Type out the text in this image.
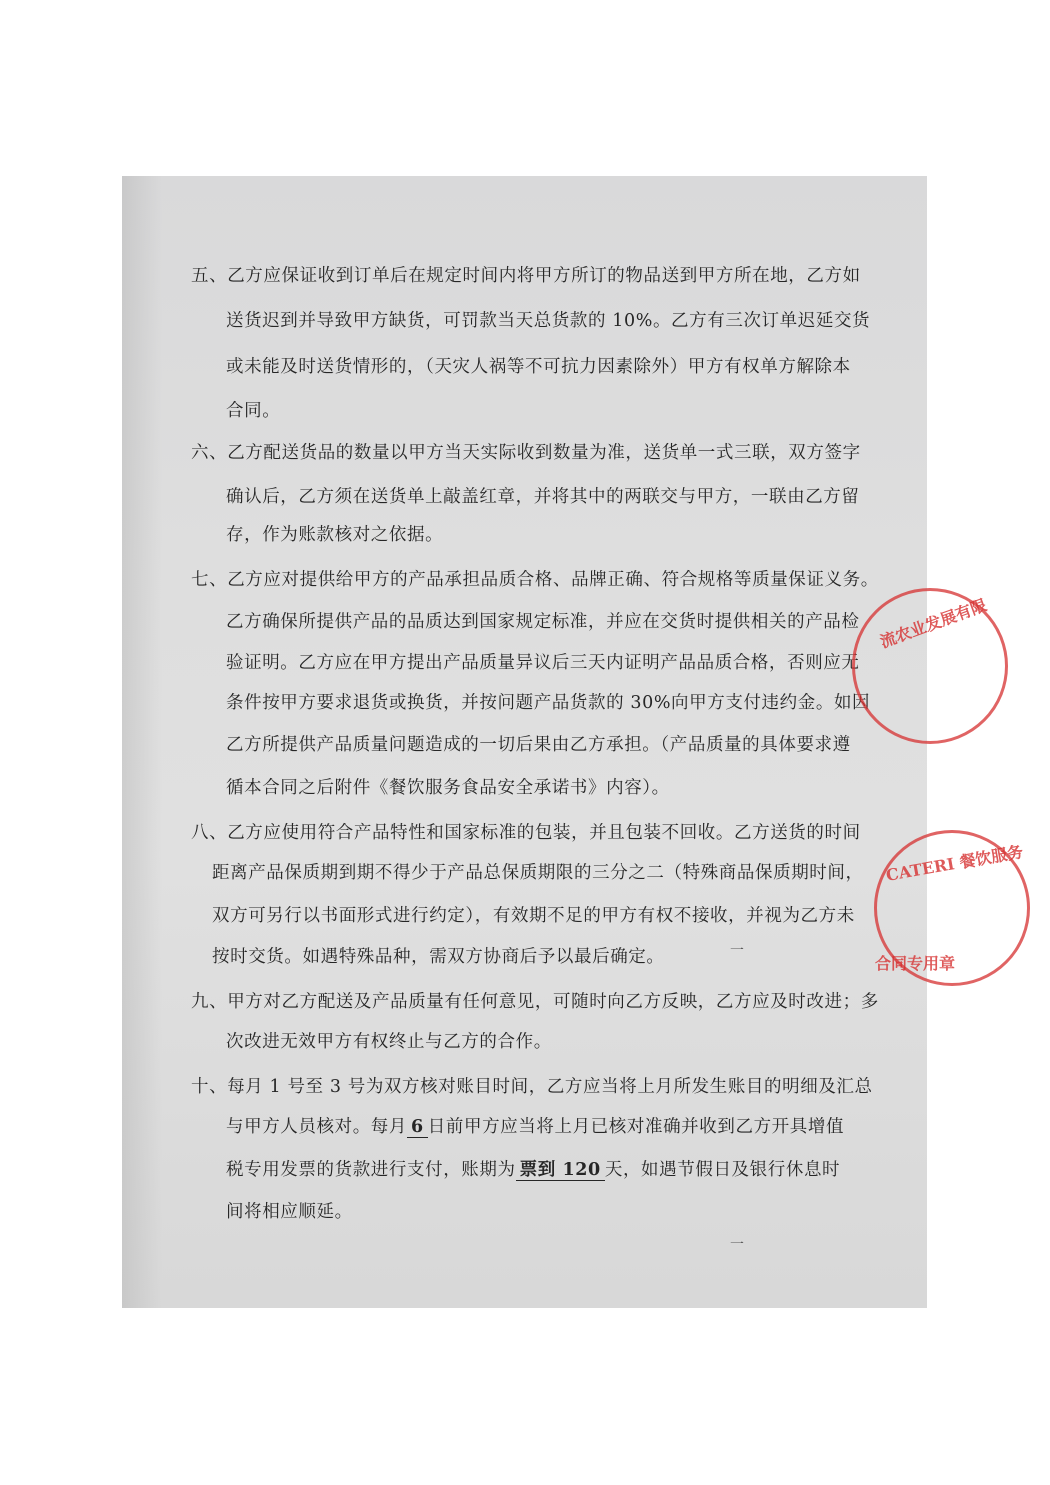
五、乙方应保证收到订单后在规定时间内将甲方所订的物品送到甲方所在地，乙方如
送货迟到并导致甲方缺货，可罚款当天总货款的 10%。乙方有三次订单迟延交货
或未能及时送货情形的，（天灾人祸等不可抗力因素除外）甲方有权单方解除本
合同。
六、乙方配送货品的数量以甲方当天实际收到数量为准，送货单一式三联，双方签字
确认后，乙方须在送货单上敲盖红章，并将其中的两联交与甲方，一联由乙方留
存，作为账款核对之依据。
七、乙方应对提供给甲方的产品承担品质合格、品牌正确、符合规格等质量保证义务。
乙方确保所提供产品的品质达到国家规定标准，并应在交货时提供相关的产品检
验证明。乙方应在甲方提出产品质量异议后三天内证明产品品质合格，否则应无
条件按甲方要求退货或换货，并按问题产品货款的 30%向甲方支付违约金。如因
乙方所提供产品质量问题造成的一切后果由乙方承担。（产品质量的具体要求遵
循本合同之后附件《餐饮服务食品安全承诺书》内容）。
八、乙方应使用符合产品特性和国家标准的包装，并且包装不回收。乙方送货的时间
距离产品保质期到期不得少于产品总保质期限的三分之二（特殊商品保质期时间，
双方可另行以书面形式进行约定），有效期不足的甲方有权不接收，并视为乙方未
按时交货。如遇特殊品种，需双方协商后予以最后确定。
九、甲方对乙方配送及产品质量有任何意见，可随时向乙方反映，乙方应及时改进；多
次改进无效甲方有权终止与乙方的合作。
十、每月 1 号至 3 号为双方核对账目时间，乙方应当将上月所发生账目的明细及汇总
与甲方人员核对。每月 6 日前甲方应当将上月已核对准确并收到乙方开具增值
税专用发票的货款进行支付，账期为 票到 120 天，如遇节假日及银行休息时
间将相应顺延。
流农业发展有限
CATERI 餐饮服务
合同专用章
一
一
